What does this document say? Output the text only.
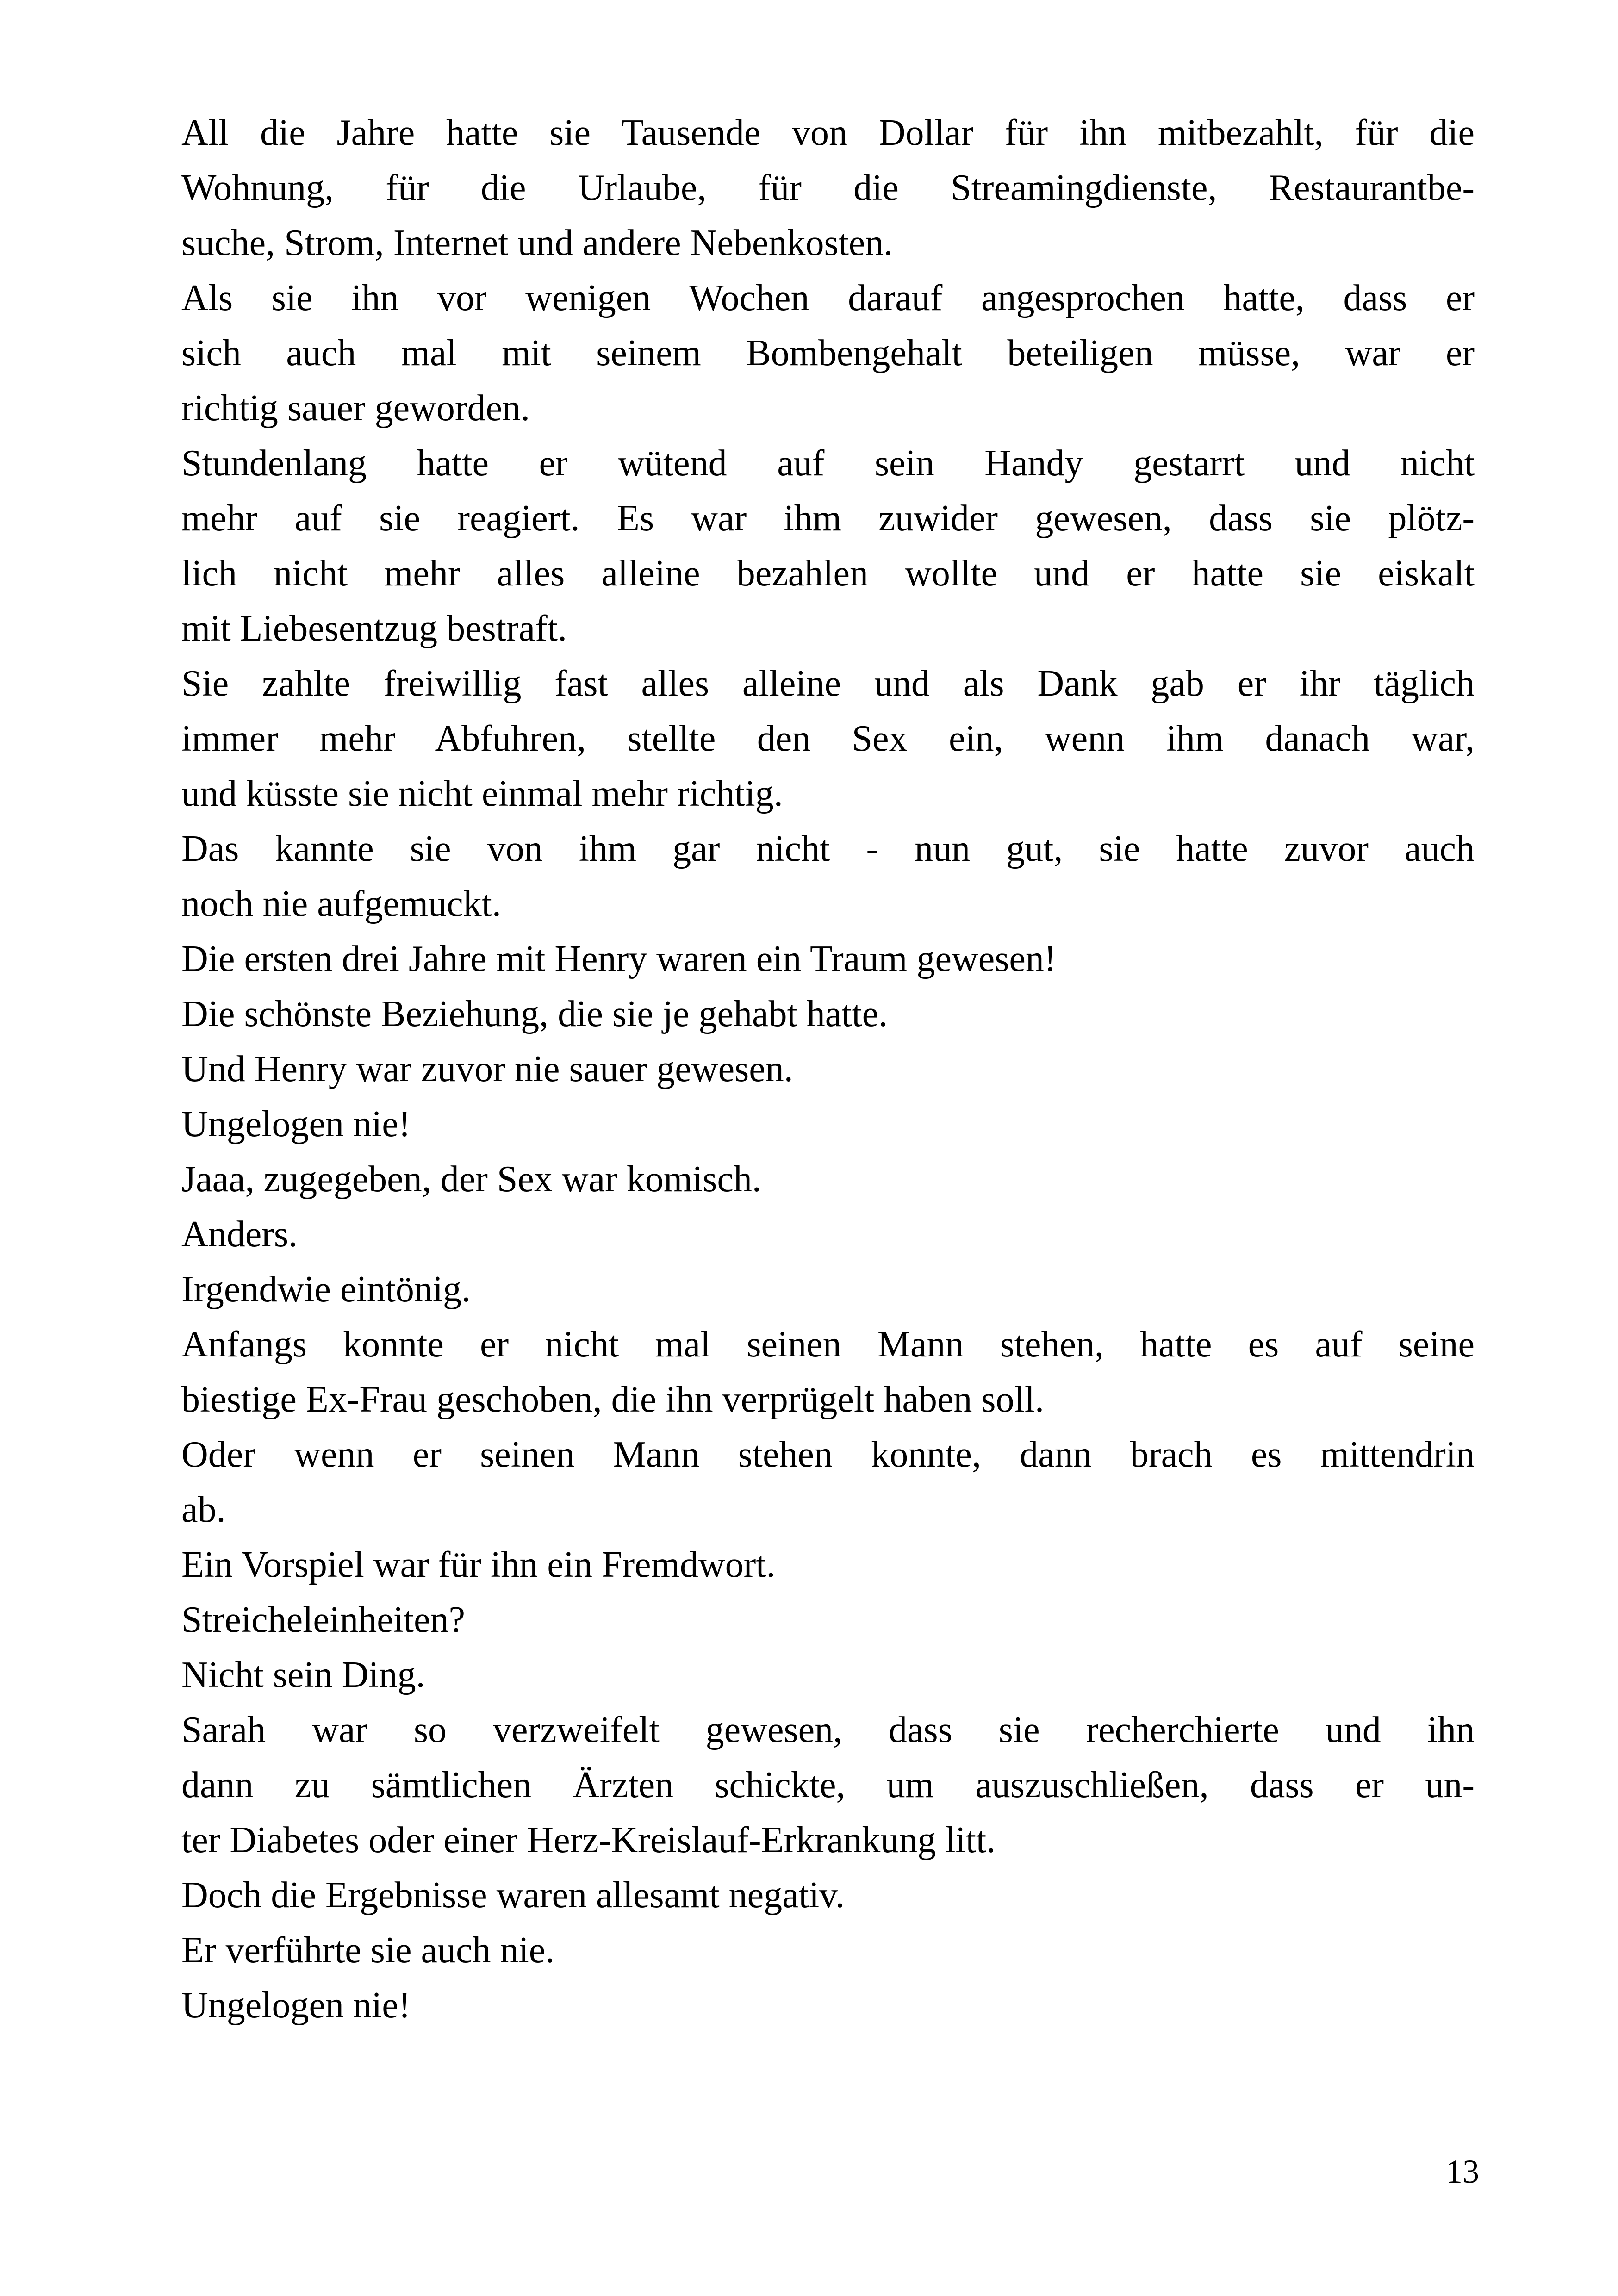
All die Jahre hatte sie Tausende von Dollar für ihn mitbezahlt, für die
Wohnung, für die Urlaube, für die Streamingdienste, Restaurantbe-
suche, Strom, Internet und andere Nebenkosten.

Als sie ihn vor wenigen Wochen darauf angesprochen hatte, dass er
sich auch mal mit seinem Bombengehalt beteiligen müsse, war er
richtig sauer geworden.

Stundenlang hatte er wütend auf sein Handy gestarrt und nicht
mehr auf sie reagiert. Es war ihm zuwider gewesen, dass sie plötz-
lich nicht mehr alles alleine bezahlen wollte und er hatte sie eiskalt
mit Liebesentzug bestraft.

Sie zahlte freiwillig fast alles alleine und als Dank gab er ihr täglich
immer mehr Abfuhren, stellte den Sex ein, wenn ihm danach war,
und küsste sie nicht einmal mehr richtig.

Das kannte sie von ihm gar nicht - nun gut, sie hatte zuvor auch
noch nie aufgemuckt.

Die ersten drei Jahre mit Henry waren ein Traum gewesen!

Die schönste Beziehung, die sie je gehabt hatte.

Und Henry war zuvor nie sauer gewesen.

Ungelogen nie!

Jaaa, zugegeben, der Sex war komisch.

Anders.

Irgendwie eintönig.

Anfangs konnte er nicht mal seinen Mann stehen, hatte es auf seine
biestige Ex-Frau geschoben, die ihn verprügelt haben soll.

Oder wenn er seinen Mann stehen konnte, dann brach es mittendrin
ab.

Ein Vorspiel war für ihn ein Fremdwort.

Streicheleinheiten?

Nicht sein Ding.

Sarah war so verzweifelt gewesen, dass sie recherchierte und ihn
dann zu sämtlichen Ärzten schickte, um auszuschließen, dass er un-
ter Diabetes oder einer Herz-Kreislauf-Erkrankung litt.

Doch die Ergebnisse waren allesamt negativ.

Er verführte sie auch nie.

Ungelogen nie!

13
